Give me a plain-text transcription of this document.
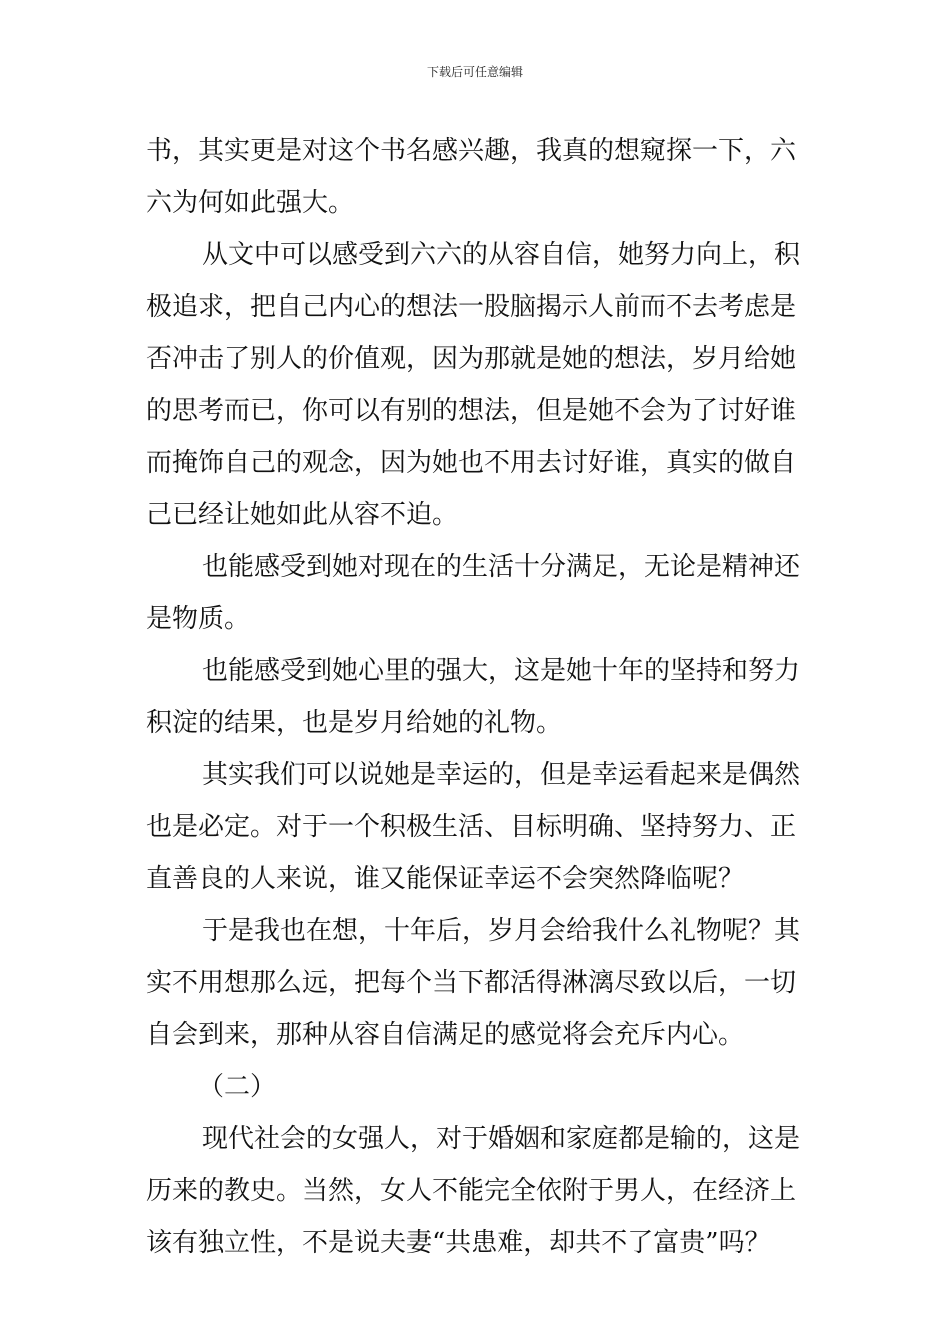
下载后可任意编辑
书，其实更是对这个书名感兴趣，我真的想窥探一下，六
六为何如此强大。
从文中可以感受到六六的从容自信，她努力向上，积
极追求，把自己内心的想法一股脑揭示人前而不去考虑是
否冲击了别人的价值观，因为那就是她的想法，岁月给她
的思考而已，你可以有别的想法，但是她不会为了讨好谁
而掩饰自己的观念，因为她也不用去讨好谁，真实的做自
己已经让她如此从容不迫。
也能感受到她对现在的生活十分满足，无论是精神还
是物质。
也能感受到她心里的强大，这是她十年的坚持和努力
积淀的结果，也是岁月给她的礼物。
其实我们可以说她是幸运的，但是幸运看起来是偶然
也是必定。对于一个积极生活、目标明确、坚持努力、正
直善良的人来说，谁又能保证幸运不会突然降临呢？
于是我也在想，十年后，岁月会给我什么礼物呢？其
实不用想那么远，把每个当下都活得淋漓尽致以后，一切
自会到来，那种从容自信满足的感觉将会充斥内心。
（二）
现代社会的女强人，对于婚姻和家庭都是输的，这是
历来的教史。当然，女人不能完全依附于男人，在经济上
该有独立性，不是说夫妻“共患难，却共不了富贵”吗？
